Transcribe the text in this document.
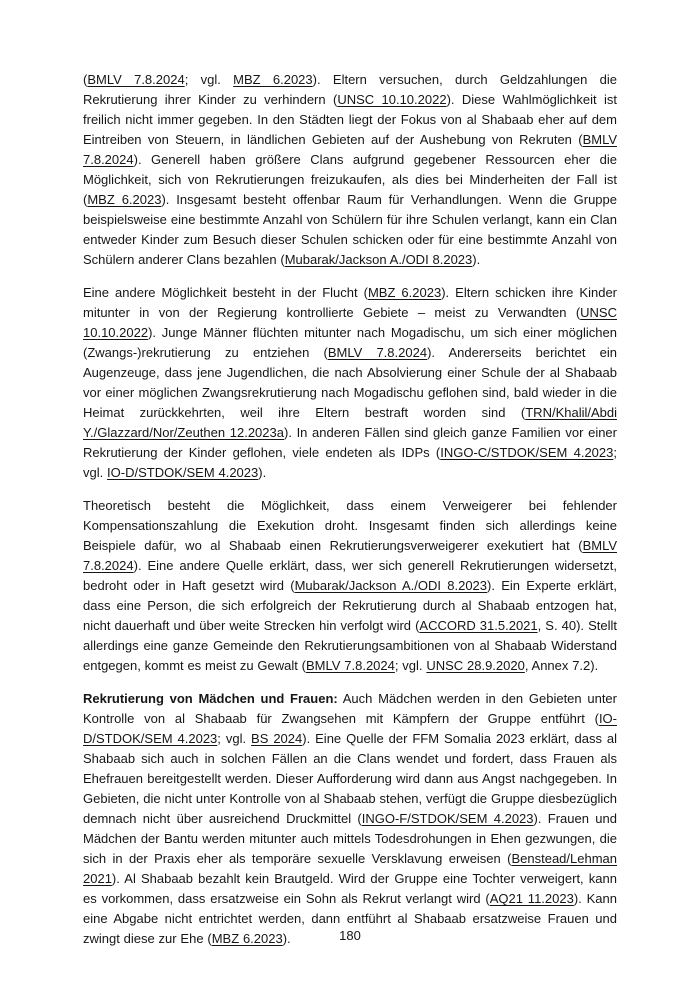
(BMLV 7.8.2024; vgl. MBZ 6.2023). Eltern versuchen, durch Geldzahlungen die Rekrutierung ihrer Kinder zu verhindern (UNSC 10.10.2022). Diese Wahlmöglichkeit ist freilich nicht immer gegeben. In den Städten liegt der Fokus von al Shabaab eher auf dem Eintreiben von Steuern, in ländlichen Gebieten auf der Aushebung von Rekruten (BMLV 7.8.2024). Generell haben größere Clans aufgrund gegebener Ressourcen eher die Möglichkeit, sich von Rekrutierungen freizukaufen, als dies bei Minderheiten der Fall ist (MBZ 6.2023). Insgesamt besteht offenbar Raum für Verhandlungen. Wenn die Gruppe beispielsweise eine bestimmte Anzahl von Schülern für ihre Schulen verlangt, kann ein Clan entweder Kinder zum Besuch dieser Schulen schicken oder für eine bestimmte Anzahl von Schülern anderer Clans bezahlen (Mubarak/Jackson A./ODI 8.2023).

Eine andere Möglichkeit besteht in der Flucht (MBZ 6.2023). Eltern schicken ihre Kinder mitunter in von der Regierung kontrollierte Gebiete – meist zu Verwandten (UNSC 10.10.2022). Junge Männer flüchten mitunter nach Mogadischu, um sich einer möglichen (Zwangs-)rekrutierung zu entziehen (BMLV 7.8.2024). Andererseits berichtet ein Augenzeuge, dass jene Jugendlichen, die nach Absolvierung einer Schule der al Shabaab vor einer möglichen Zwangsrekrutierung nach Mogadischu geflohen sind, bald wieder in die Heimat zurückkehrten, weil ihre Eltern bestraft worden sind (TRN/Khalil/Abdi Y./Glazzard/Nor/Zeuthen 12.2023a). In anderen Fällen sind gleich ganze Familien vor einer Rekrutierung der Kinder geflohen, viele endeten als IDPs (INGO-C/STDOK/SEM 4.2023; vgl. IO-D/STDOK/SEM 4.2023).

Theoretisch besteht die Möglichkeit, dass einem Verweigerer bei fehlender Kompensationszahlung die Exekution droht. Insgesamt finden sich allerdings keine Beispiele dafür, wo al Shabaab einen Rekrutierungsverweigerer exekutiert hat (BMLV 7.8.2024). Eine andere Quelle erklärt, dass, wer sich generell Rekrutierungen widersetzt, bedroht oder in Haft gesetzt wird (Mubarak/Jackson A./ODI 8.2023). Ein Experte erklärt, dass eine Person, die sich erfolgreich der Rekrutierung durch al Shabaab entzogen hat, nicht dauerhaft und über weite Strecken hin verfolgt wird (ACCORD 31.5.2021, S. 40). Stellt allerdings eine ganze Gemeinde den Rekrutierungsambitionen von al Shabaab Widerstand entgegen, kommt es meist zu Gewalt (BMLV 7.8.2024; vgl. UNSC 28.9.2020, Annex 7.2).

Rekrutierung von Mädchen und Frauen: Auch Mädchen werden in den Gebieten unter Kontrolle von al Shabaab für Zwangsehen mit Kämpfern der Gruppe entführt (IO-D/STDOK/SEM 4.2023; vgl. BS 2024). Eine Quelle der FFM Somalia 2023 erklärt, dass al Shabaab sich auch in solchen Fällen an die Clans wendet und fordert, dass Frauen als Ehefrauen bereitgestellt werden. Dieser Aufforderung wird dann aus Angst nachgegeben. In Gebieten, die nicht unter Kontrolle von al Shabaab stehen, verfügt die Gruppe diesbezüglich demnach nicht über ausreichend Druckmittel (INGO-F/STDOK/SEM 4.2023). Frauen und Mädchen der Bantu werden mitunter auch mittels Todesdrohungen in Ehen gezwungen, die sich in der Praxis eher als temporäre sexuelle Versklavung erweisen (Benstead/Lehman 2021). Al Shabaab bezahlt kein Brautgeld. Wird der Gruppe eine Tochter verweigert, kann es vorkommen, dass ersatzweise ein Sohn als Rekrut verlangt wird (AQ21 11.2023). Kann eine Abgabe nicht entrichtet werden, dann entführt al Shabaab ersatzweise Frauen und zwingt diese zur Ehe (MBZ 6.2023).	180
